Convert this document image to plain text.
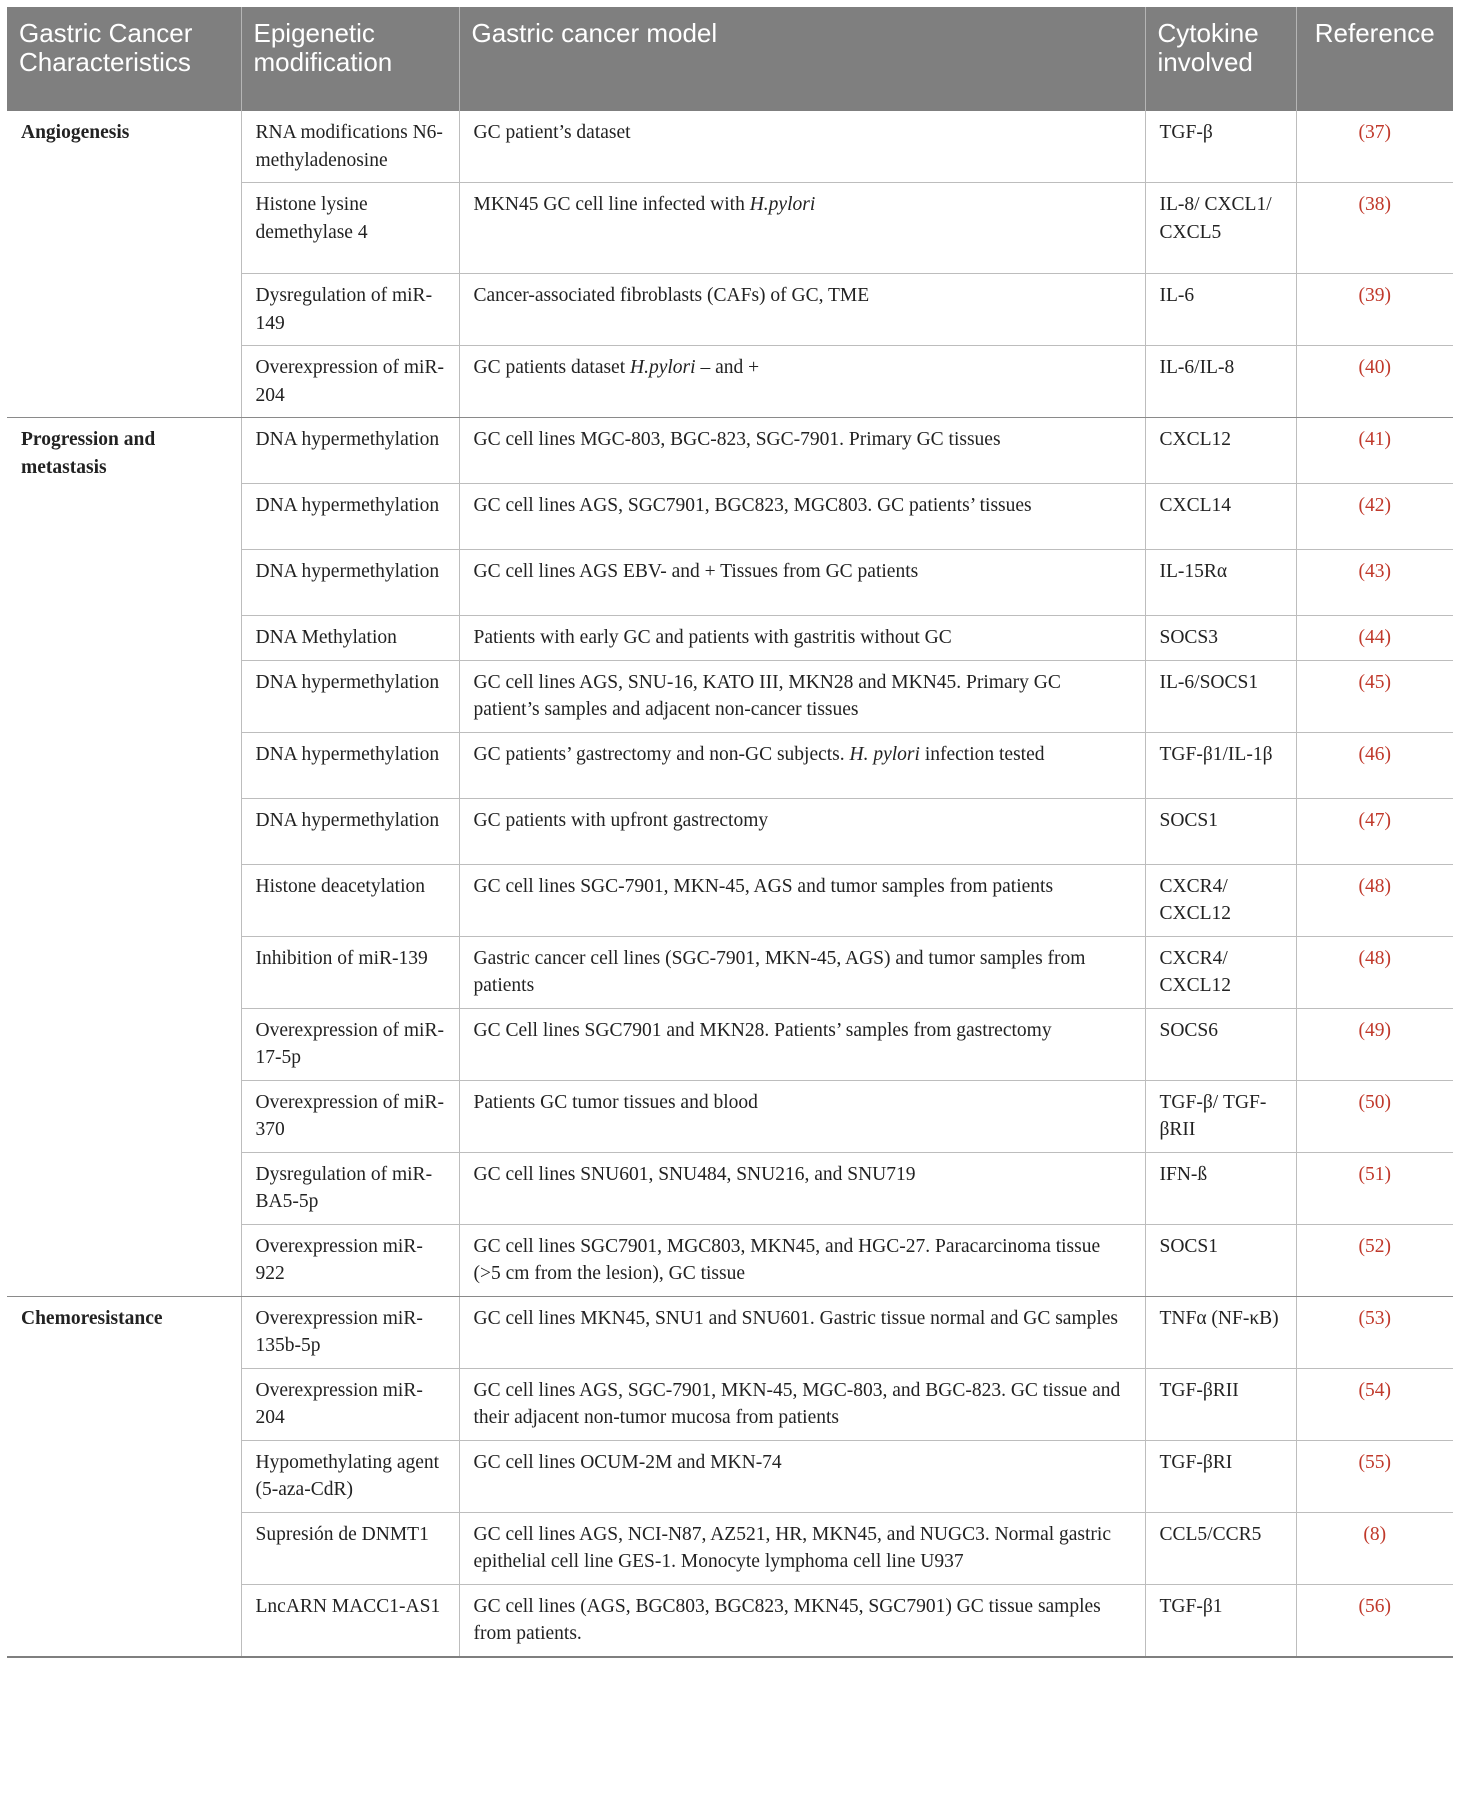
Gastric Cancer Characteristics	Epigenetic modification	Gastric cancer model	Cytokine involved	Reference
Angiogenesis	RNA modifications N6-methyladenosine	GC patient’s dataset	TGF-β	(37)
	Histone lysine demethylase 4	MKN45 GC cell line infected with H.pylori	IL-8/ CXCL1/ CXCL5	(38)
	Dysregulation of miR-149	Cancer-associated fibroblasts (CAFs) of GC, TME	IL-6	(39)
	Overexpression of miR-204	GC patients dataset H.pylori – and +	IL-6/IL-8	(40)
Progression and metastasis	DNA hypermethylation	GC cell lines MGC-803, BGC-823, SGC-7901. Primary GC tissues	CXCL12	(41)
	DNA hypermethylation	GC cell lines AGS, SGC7901, BGC823, MGC803. GC patients’ tissues	CXCL14	(42)
	DNA hypermethylation	GC cell lines AGS EBV- and + Tissues from GC patients	IL-15Rα	(43)
	DNA Methylation	Patients with early GC and patients with gastritis without GC	SOCS3	(44)
	DNA hypermethylation	GC cell lines AGS, SNU-16, KATO III, MKN28 and MKN45. Primary GC patient’s samples and adjacent non-cancer tissues	IL-6/SOCS1	(45)
	DNA hypermethylation	GC patients’ gastrectomy and non-GC subjects. H. pylori infection tested	TGF-β1/IL-1β	(46)
	DNA hypermethylation	GC patients with upfront gastrectomy	SOCS1	(47)
	Histone deacetylation	GC cell lines SGC-7901, MKN-45, AGS and tumor samples from patients	CXCR4/ CXCL12	(48)
	Inhibition of miR-139	Gastric cancer cell lines (SGC-7901, MKN-45, AGS) and tumor samples from patients	CXCR4/ CXCL12	(48)
	Overexpression of miR-17-5p	GC Cell lines SGC7901 and MKN28. Patients’ samples from gastrectomy	SOCS6	(49)
	Overexpression of miR-370	Patients GC tumor tissues and blood	TGF-β/ TGF-βRII	(50)
	Dysregulation of miR-BA5-5p	GC cell lines SNU601, SNU484, SNU216, and SNU719	IFN-ß	(51)
	Overexpression miR-922	GC cell lines SGC7901, MGC803, MKN45, and HGC-27. Paracarcinoma tissue (>5 cm from the lesion), GC tissue	SOCS1	(52)
Chemoresistance	Overexpression miR-135b-5p	GC cell lines MKN45, SNU1 and SNU601. Gastric tissue normal and GC samples	TNFα (NF-κB)	(53)
	Overexpression miR-204	GC cell lines AGS, SGC-7901, MKN-45, MGC-803, and BGC-823. GC tissue and their adjacent non-tumor mucosa from patients	TGF-βRII	(54)
	Hypomethylating agent (5-aza-CdR)	GC cell lines OCUM-2M and MKN-74	TGF-βRI	(55)
	Supresión de DNMT1	GC cell lines AGS, NCI-N87, AZ521, HR, MKN45, and NUGC3. Normal gastric epithelial cell line GES-1. Monocyte lymphoma cell line U937	CCL5/CCR5	(8)
	LncARN MACC1-AS1	GC cell lines (AGS, BGC803, BGC823, MKN45, SGC7901) GC tissue samples from patients.	TGF-β1	(56)
